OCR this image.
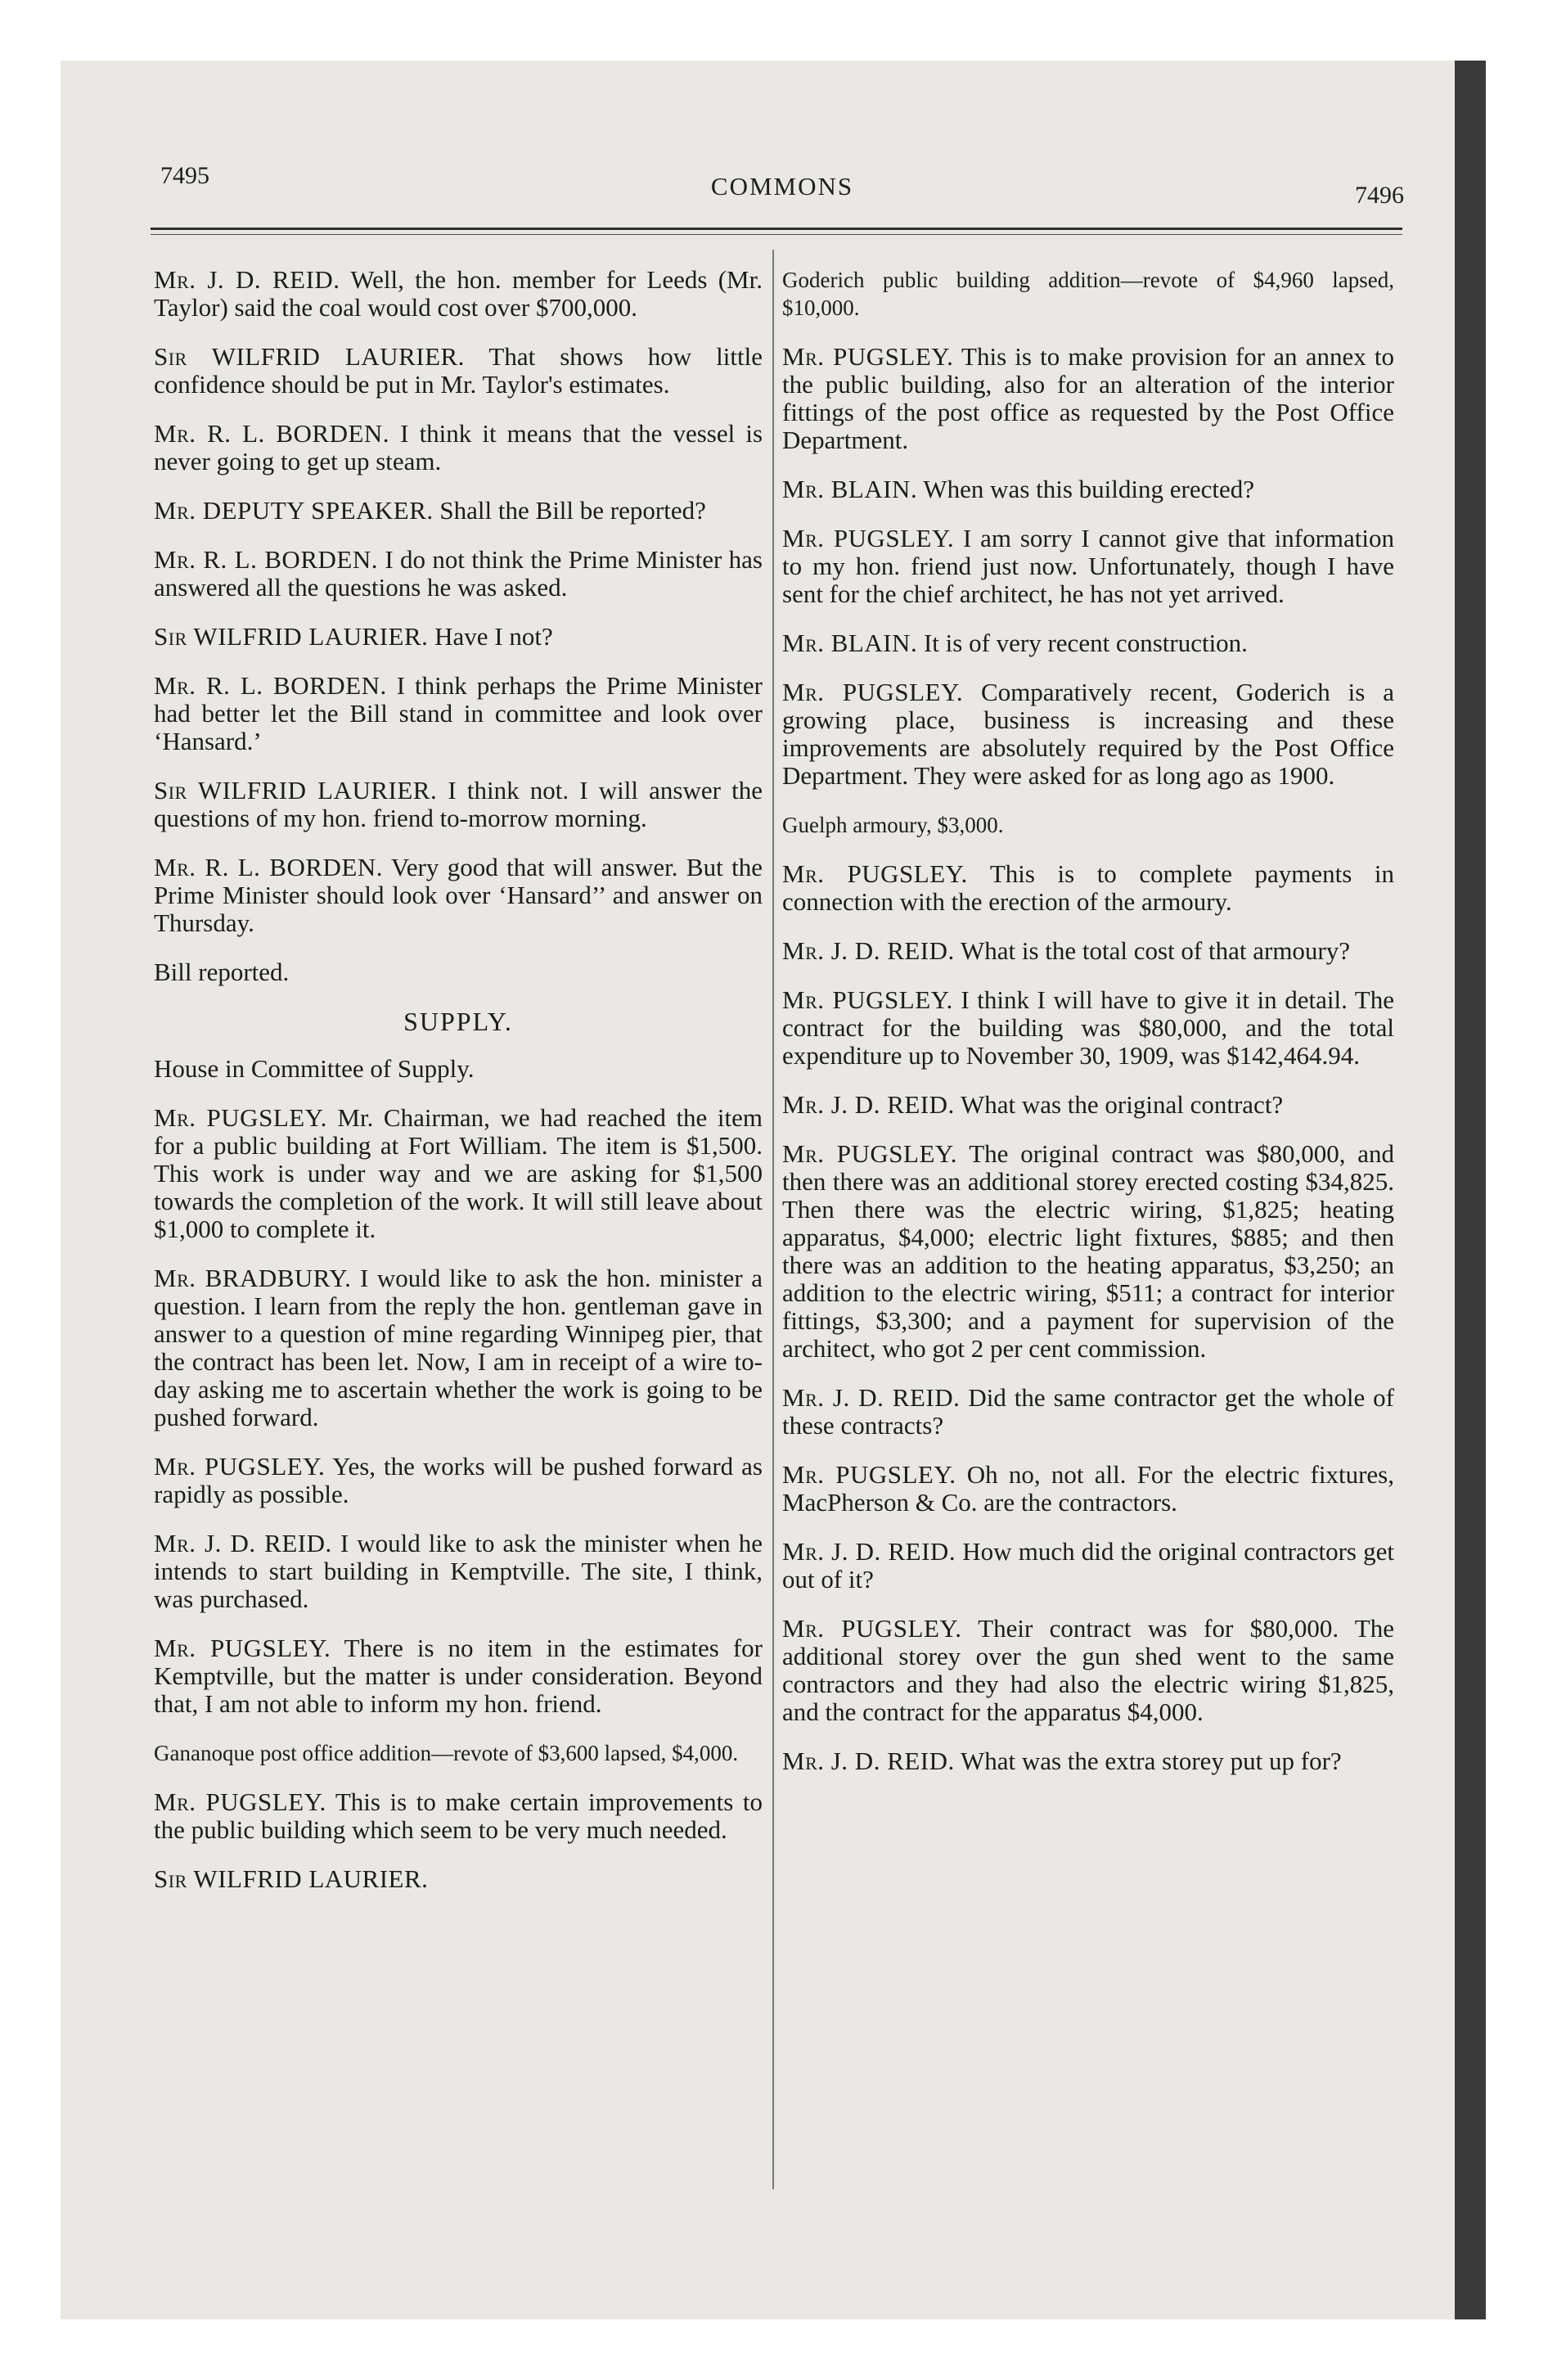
7495	COMMONS	7496

Mr. J. D. REID. Well, the hon. member for Leeds (Mr. Taylor) said the coal would cost over $700,000.

Sir WILFRID LAURIER. That shows how little confidence should be put in Mr. Taylor's estimates.

Mr. R. L. BORDEN. I think it means that the vessel is never going to get up steam.

Mr. DEPUTY SPEAKER. Shall the Bill be reported?

Mr. R. L. BORDEN. I do not think the Prime Minister has answered all the questions he was asked.

Sir WILFRID LAURIER. Have I not?

Mr. R. L. BORDEN. I think perhaps the Prime Minister had better let the Bill stand in committee and look over ‘Hansard.’

Sir WILFRID LAURIER. I think not. I will answer the questions of my hon. friend to-morrow morning.

Mr. R. L. BORDEN. Very good that will answer. But the Prime Minister should look over ‘Hansard’’ and answer on Thursday.

Bill reported.

SUPPLY.

House in Committee of Supply.

Mr. PUGSLEY. Mr. Chairman, we had reached the item for a public building at Fort William. The item is $1,500. This work is under way and we are asking for $1,500 towards the completion of the work. It will still leave about $1,000 to complete it.

Mr. BRADBURY. I would like to ask the hon. minister a question. I learn from the reply the hon. gentleman gave in answer to a question of mine regarding Winnipeg pier, that the contract has been let. Now, I am in receipt of a wire to-day asking me to ascertain whether the work is going to be pushed forward.

Mr. PUGSLEY. Yes, the works will be pushed forward as rapidly as possible.

Mr. J. D. REID. I would like to ask the minister when he intends to start building in Kemptville. The site, I think, was purchased.

Mr. PUGSLEY. There is no item in the estimates for Kemptville, but the matter is under consideration. Beyond that, I am not able to inform my hon. friend.

Gananoque post office addition—revote of $3,600 lapsed, $4,000.

Mr. PUGSLEY. This is to make certain improvements to the public building which seem to be very much needed.

Sir WILFRID LAURIER.

Goderich public building addition—revote of $4,960 lapsed, $10,000.

Mr. PUGSLEY. This is to make provision for an annex to the public building, also for an alteration of the interior fittings of the post office as requested by the Post Office Department.

Mr. BLAIN. When was this building erected?

Mr. PUGSLEY. I am sorry I cannot give that information to my hon. friend just now. Unfortunately, though I have sent for the chief architect, he has not yet arrived.

Mr. BLAIN. It is of very recent construction.

Mr. PUGSLEY. Comparatively recent, Goderich is a growing place, business is increasing and these improvements are absolutely required by the Post Office Department. They were asked for as long ago as 1900.

Guelph armoury, $3,000.

Mr. PUGSLEY. This is to complete payments in connection with the erection of the armoury.

Mr. J. D. REID. What is the total cost of that armoury?

Mr. PUGSLEY. I think I will have to give it in detail. The contract for the building was $80,000, and the total expenditure up to November 30, 1909, was $142,464.94.

Mr. J. D. REID. What was the original contract?

Mr. PUGSLEY. The original contract was $80,000, and then there was an additional storey erected costing $34,825. Then there was the electric wiring, $1,825; heating apparatus, $4,000; electric light fixtures, $885; and then there was an addition to the heating apparatus, $3,250; an addition to the electric wiring, $511; a contract for interior fittings, $3,300; and a payment for supervision of the architect, who got 2 per cent commission.

Mr. J. D. REID. Did the same contractor get the whole of these contracts?

Mr. PUGSLEY. Oh no, not all. For the electric fixtures, MacPherson & Co. are the contractors.

Mr. J. D. REID. How much did the original contractors get out of it?

Mr. PUGSLEY. Their contract was for $80,000. The additional storey over the gun shed went to the same contractors and they had also the electric wiring $1,825, and the contract for the apparatus $4,000.

Mr. J. D. REID. What was the extra storey put up for?
